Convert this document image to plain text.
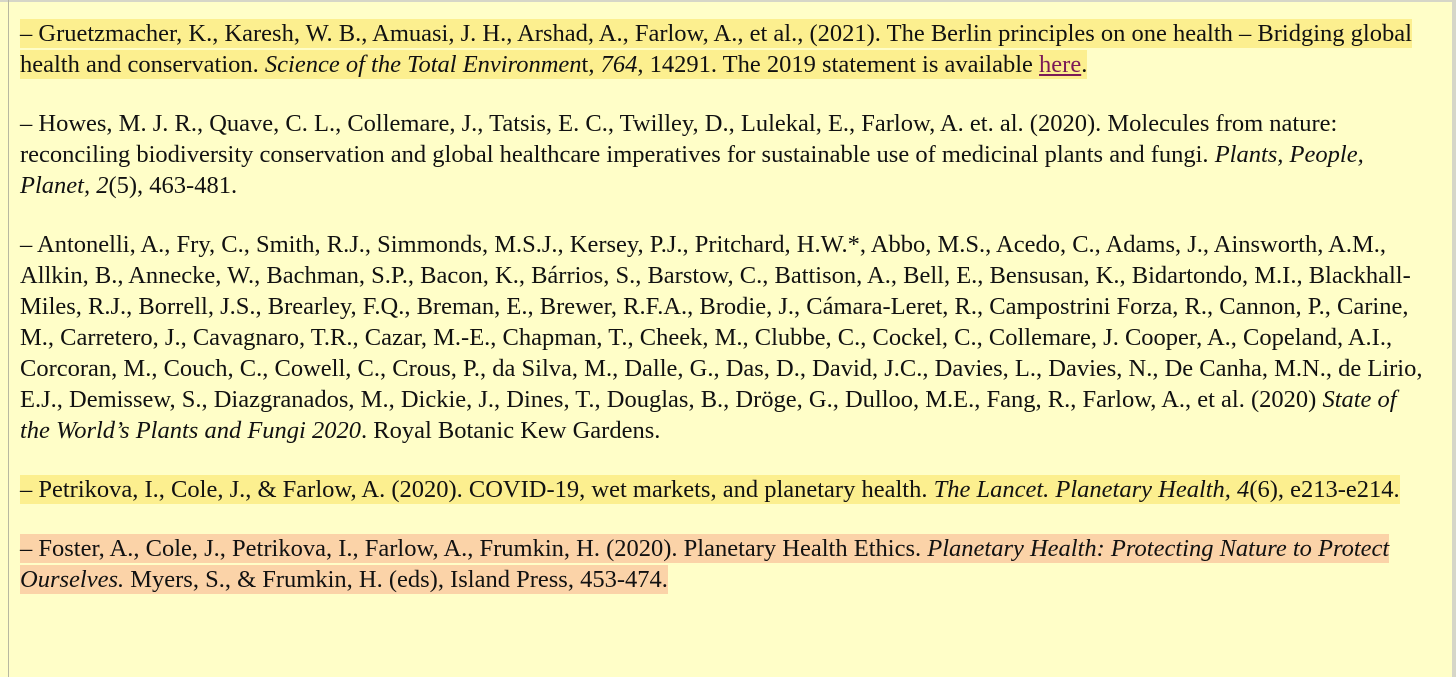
– Gruetzmacher, K., Karesh, W. B., Amuasi, J. H., Arshad, A., Farlow, A., et al., (2021). The Berlin principles on one health – Bridging global health and conservation. Science of the Total Environment, 764, 14291. The 2019 statement is available here.

– Howes, M. J. R., Quave, C. L., Collemare, J., Tatsis, E. C., Twilley, D., Lulekal, E., Farlow, A. et. al. (2020). Molecules from nature: reconciling biodiversity conservation and global healthcare imperatives for sustainable use of medicinal plants and fungi. Plants, People, Planet, 2(5), 463-481.

– Antonelli, A., Fry, C., Smith, R.J., Simmonds, M.S.J., Kersey, P.J., Pritchard, H.W.*, Abbo, M.S., Acedo, C., Adams, J., Ainsworth, A.M., Allkin, B., Annecke, W., Bachman, S.P., Bacon, K., Bárrios, S., Barstow, C., Battison, A., Bell, E., Bensusan, K., Bidartondo, M.I., Blackhall-Miles, R.J., Borrell, J.S., Brearley, F.Q., Breman, E., Brewer, R.F.A., Brodie, J., Cámara-Leret, R., Campostrini Forza, R., Cannon, P., Carine, M., Carretero, J., Cavagnaro, T.R., Cazar, M.-E., Chapman, T., Cheek, M., Clubbe, C., Cockel, C., Collemare, J. Cooper, A., Copeland, A.I., Corcoran, M., Couch, C., Cowell, C., Crous, P., da Silva, M., Dalle, G., Das, D., David, J.C., Davies, L., Davies, N., De Canha, M.N., de Lirio, E.J., Demissew, S., Diazgranados, M., Dickie, J., Dines, T., Douglas, B., Dröge, G., Dulloo, M.E., Fang, R., Farlow, A., et al. (2020) State of the World’s Plants and Fungi 2020. Royal Botanic Kew Gardens.

– Petrikova, I., Cole, J., & Farlow, A. (2020). COVID-19, wet markets, and planetary health. The Lancet. Planetary Health, 4(6), e213-e214.

– Foster, A., Cole, J., Petrikova, I., Farlow, A., Frumkin, H. (2020). Planetary Health Ethics. Planetary Health: Protecting Nature to Protect Ourselves. Myers, S., & Frumkin, H. (eds), Island Press, 453-474.
